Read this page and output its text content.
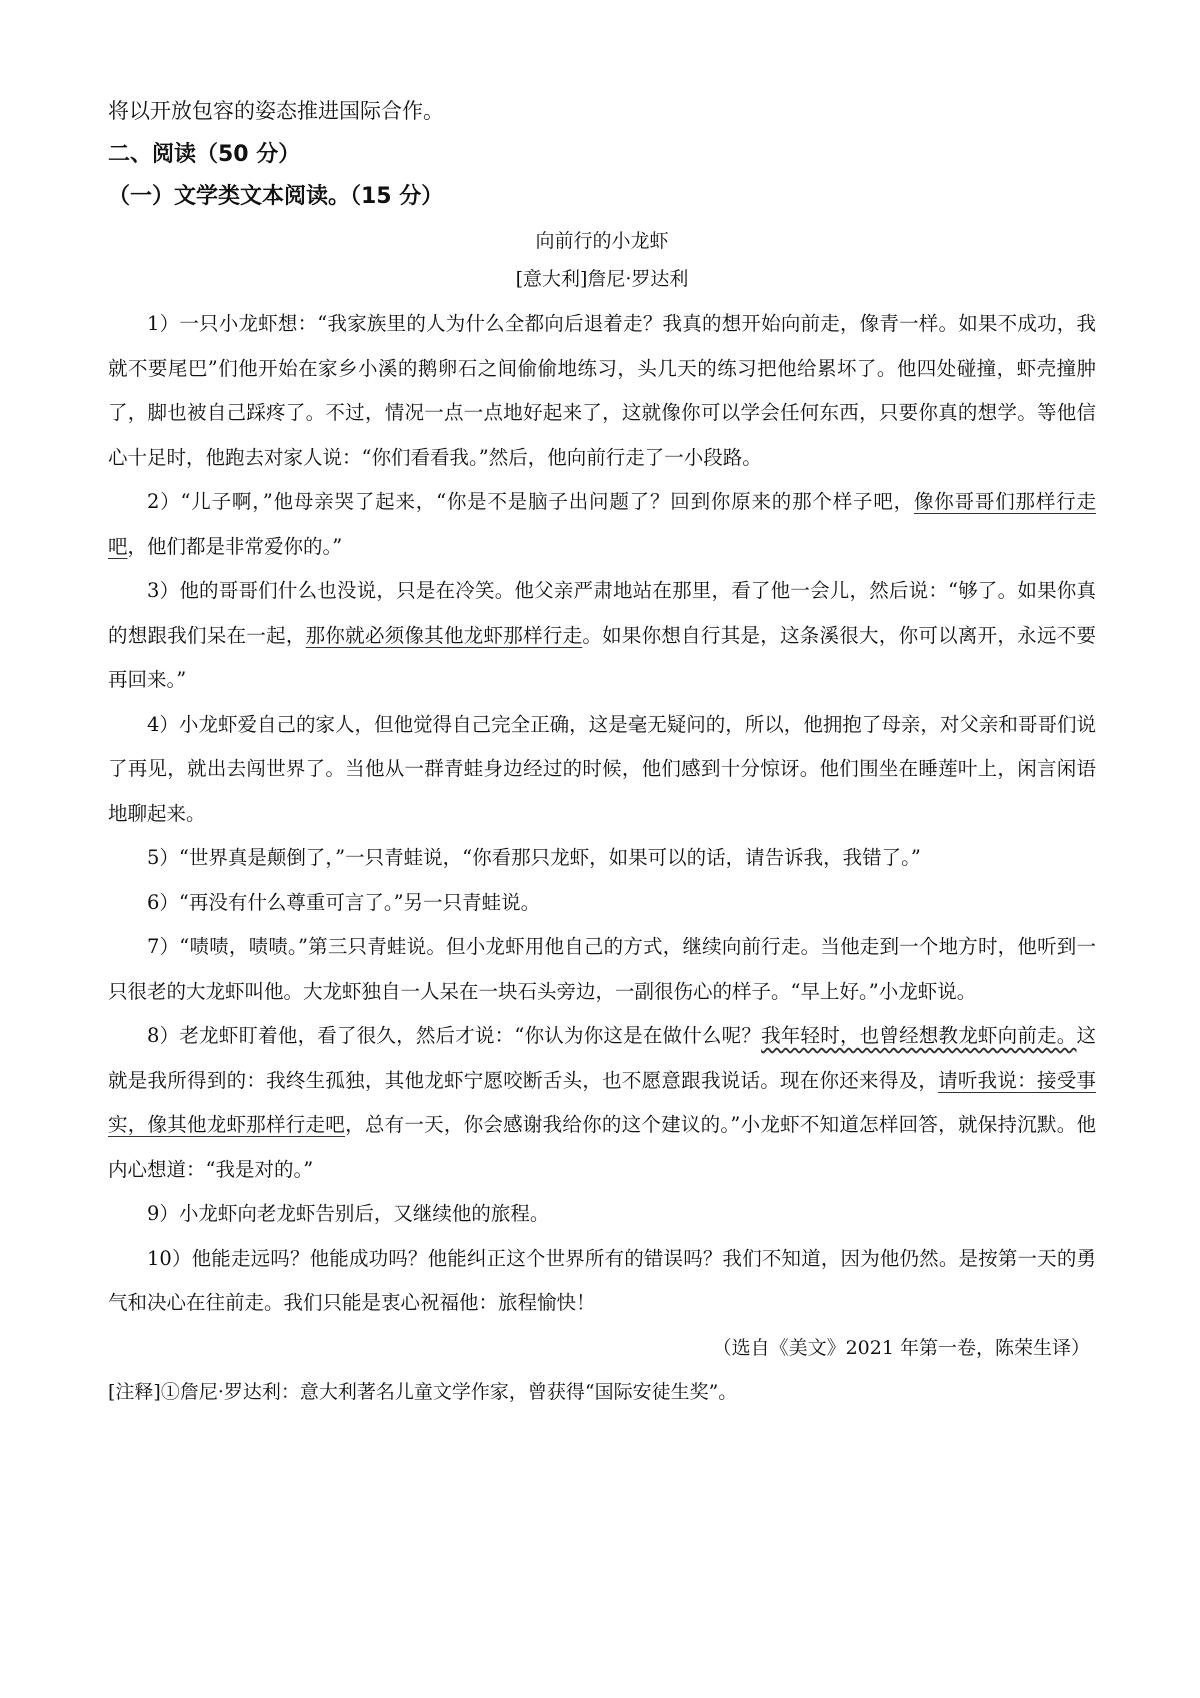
将以开放包容的姿态推进国际合作。

二、阅读（50 分）

（一）文学类文本阅读。（15 分）

向前行的小龙虾

[意大利]詹尼·罗达利

1）一只小龙虾想：“我家族里的人为什么全都向后退着走？我真的想开始向前走，像青一样。如果不成功，我就不要尾巴”们他开始在家乡小溪的鹅卵石之间偷偷地练习，头几天的练习把他给累坏了。他四处碰撞，虾壳撞肿了，脚也被自己踩疼了。不过，情况一点一点地好起来了，这就像你可以学会任何东西，只要你真的想学。等他信心十足时，他跑去对家人说：“你们看看我。”然后，他向前行走了一小段路。

2）“儿子啊，”他母亲哭了起来，“你是不是脑子出问题了？回到你原来的那个样子吧，像你哥哥们那样行走吧，他们都是非常爱你的。”

3）他的哥哥们什么也没说，只是在冷笑。他父亲严肃地站在那里，看了他一会儿，然后说：“够了。如果你真的想跟我们呆在一起，那你就必须像其他龙虾那样行走。如果你想自行其是，这条溪很大，你可以离开，永远不要再回来。”

4）小龙虾爱自己的家人，但他觉得自己完全正确，这是毫无疑问的，所以，他拥抱了母亲，对父亲和哥哥们说了再见，就出去闯世界了。当他从一群青蛙身边经过的时候，他们感到十分惊讶。他们围坐在睡莲叶上，闲言闲语地聊起来。

5）“世界真是颠倒了，”一只青蛙说，“你看那只龙虾，如果可以的话，请告诉我，我错了。”

6）“再没有什么尊重可言了。”另一只青蛙说。

7）“啧啧，啧啧。”第三只青蛙说。但小龙虾用他自己的方式，继续向前行走。当他走到一个地方时，他听到一只很老的大龙虾叫他。大龙虾独自一人呆在一块石头旁边，一副很伤心的样子。“早上好。”小龙虾说。

8）老龙虾盯着他，看了很久，然后才说：“你认为你这是在做什么呢？我年轻时，也曾经想教龙虾向前走。这就是我所得到的：我终生孤独，其他龙虾宁愿咬断舌头，也不愿意跟我说话。现在你还来得及，请听我说：接受事实，像其他龙虾那样行走吧，总有一天，你会感谢我给你的这个建议的。”小龙虾不知道怎样回答，就保持沉默。他内心想道：“我是对的。”

9）小龙虾向老龙虾告别后，又继续他的旅程。

10）他能走远吗？他能成功吗？他能纠正这个世界所有的错误吗？我们不知道，因为他仍然。是按第一天的勇气和决心在往前走。我们只能是衷心祝福他：旅程愉快！

（选自《美文》2021 年第一卷，陈荣生译）

[注释]①詹尼·罗达利：意大利著名儿童文学作家，曾获得“国际安徒生奖”。
